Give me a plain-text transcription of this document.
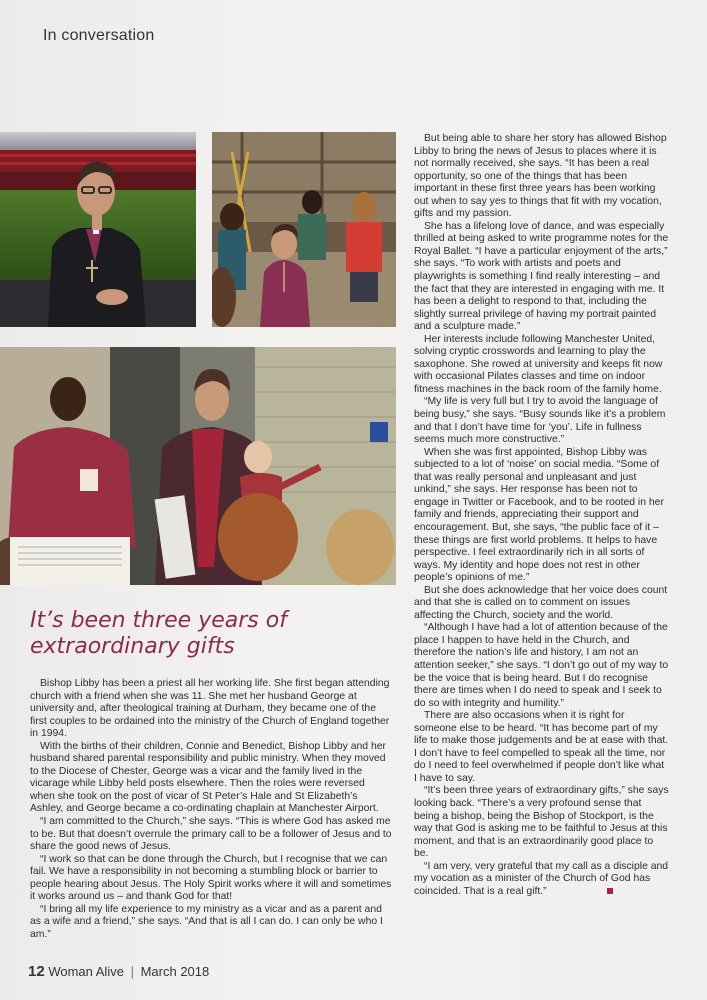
In conversation
It’s been three years of extraordinary gifts

Bishop Libby has been a priest all her working life. She first began attending church with a friend when she was 11. She met her husband George at university and, after theological training at Durham, they became one of the first couples to be ordained into the ministry of the Church of England together in 1994.

With the births of their children, Connie and Benedict, Bishop Libby and her husband shared parental responsibility and public ministry. When they moved to the Diocese of Chester, George was a vicar and the family lived in the vicarage while Libby held posts elsewhere. Then the roles were reversed when she took on the post of vicar of St Peter’s Hale and St Elizabeth’s Ashley, and George became a co-ordinating chaplain at Manchester Airport.

“I am committed to the Church,” she says. “This is where God has asked me to be. But that doesn’t overrule the primary call to be a follower of Jesus and to share the good news of Jesus.

“I work so that can be done through the Church, but I recognise that we can fail. We have a responsibility in not becoming a stumbling block or barrier to people hearing about Jesus. The Holy Spirit works where it will and sometimes it works around us – and thank God for that!

“I bring all my life experience to my ministry as a vicar and as a parent and as a wife and a friend,” she says. “And that is all I can do. I can only be who I am.”

But being able to share her story has allowed Bishop Libby to bring the news of Jesus to places where it is not normally received, she says. “It has been a real opportunity, so one of the things that has been important in these first three years has been working out when to say yes to things that fit with my vocation, gifts and my passion.

She has a lifelong love of dance, and was especially thrilled at being asked to write programme notes for the Royal Ballet. “I have a particular enjoyment of the arts,” she says. “To work with artists and poets and playwrights is something I find really interesting – and the fact that they are interested in engaging with me. It has been a delight to respond to that, including the slightly surreal privilege of having my portrait painted and a sculpture made.”

Her interests include following Manchester United, solving cryptic crosswords and learning to play the saxophone. She rowed at university and keeps fit now with occasional Pilates classes and time on indoor fitness machines in the back room of the family home.

“My life is very full but I try to avoid the language of being busy,” she says. “Busy sounds like it’s a problem and that I don’t have time for ‘you’. Life in fullness seems much more constructive.”

When she was first appointed, Bishop Libby was subjected to a lot of ‘noise’ on social media. “Some of that was really personal and unpleasant and just unkind,” she says. Her response has been not to engage in Twitter or Facebook, and to be rooted in her family and friends, appreciating their support and encouragement. But, she says, “the public face of it – these things are first world problems. It helps to have perspective. I feel extraordinarily rich in all sorts of ways. My identity and hope does not rest in other people’s opinions of me.”

But she does acknowledge that her voice does count and that she is called on to comment on issues affecting the Church, society and the world.

“Although I have had a lot of attention because of the place I happen to have held in the Church, and therefore the nation’s life and history, I am not an attention seeker,” she says. “I don’t go out of my way to be the voice that is being heard. But I do recognise there are times when I do need to speak and I seek to do so with integrity and humility.”

There are also occasions when it is right for someone else to be heard. “It has become part of my life to make those judgements and be at ease with that. I don’t have to feel compelled to speak all the time, nor do I need to feel overwhelmed if people don’t like what I have to say.

“It’s been three years of extraordinary gifts,” she says looking back. “There’s a very profound sense that being a bishop, being the Bishop of Stockport, is the way that God is asking me to be faithful to Jesus at this moment, and that is an extraordinarily good place to be.

“I am very, very grateful that my call as a disciple and my vocation as a minister of the Church of God has coincided. That is a real gift.”

12 Woman Alive | March 2018
